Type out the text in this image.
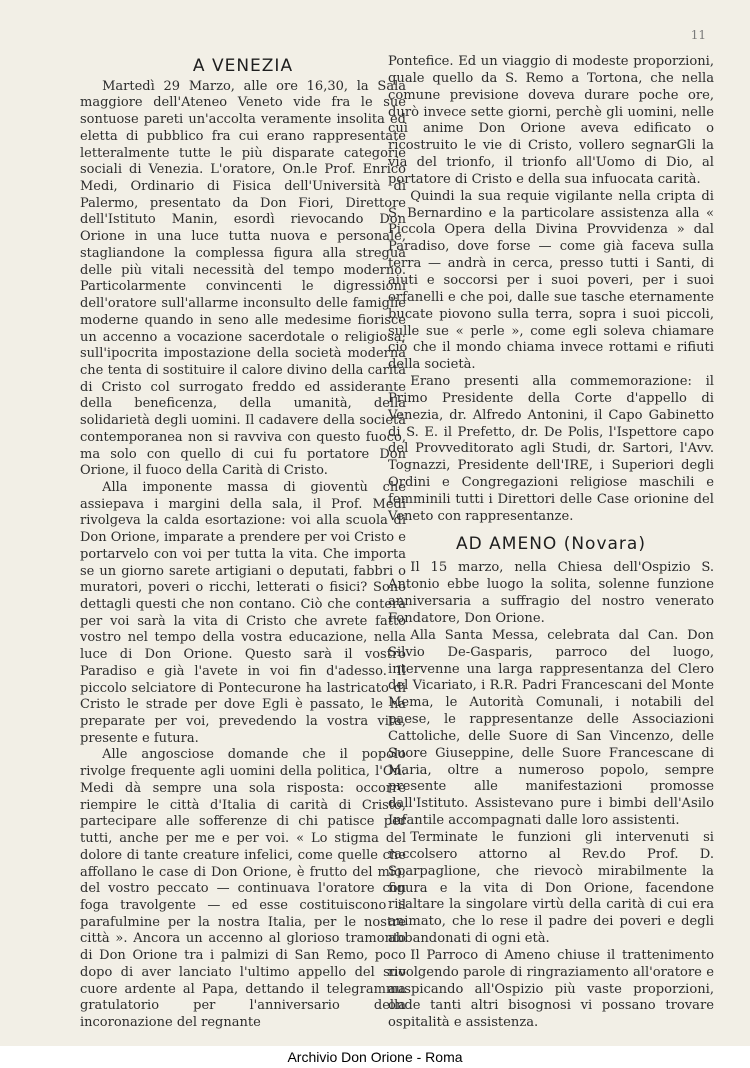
11
A VENEZIA

Martedì 29 Marzo, alle ore 16,30, la Sala maggiore dell'Ateneo Veneto vide fra le sue sontuose pareti un'accolta veramente insolita ed eletta di pubblico fra cui erano rappresentate letteralmente tutte le più disparate categorie sociali di Venezia. L'oratore, On.le Prof. Enrico Medi, Ordinario di Fisica dell'Università di Palermo, presentato da Don Fiori, Direttore dell'Istituto Manin, esordì rievocando Don Orione in una luce tutta nuova e personale, stagliandone la complessa figura alla stregua delle più vitali necessità del tempo moderno. Particolarmente convincenti le digressioni dell'oratore sull'allarme inconsulto delle famiglie moderne quando in seno alle medesime fiorisce un accenno a vocazione sacerdotale o religiosa; sull'ipocrita impostazione della società moderna che tenta di sostituire il calore divino della carità di Cristo col surrogato freddo ed assiderante della beneficenza, della umanità, della solidarietà degli uomini. Il cadavere della società contemporanea non si ravviva con questo fuoco, ma solo con quello di cui fu portatore Don Orione, il fuoco della Carità di Cristo.

Alla imponente massa di gioventù che assiepava i margini della sala, il Prof. Medi rivolgeva la calda esortazione: voi alla scuola di Don Orione, imparate a prendere per voi Cristo e portarvelo con voi per tutta la vita. Che importa se un giorno sarete artigiani o deputati, fabbri o muratori, poveri o ricchi, letterati o fisici? Sono dettagli questi che non contano. Ciò che conterà per voi sarà la vita di Cristo che avrete fatto vostro nel tempo della vostra educazione, nella luce di Don Orione. Questo sarà il vostro Paradiso e già l'avete in voi fin d'adesso. Il piccolo selciatore di Pontecurone ha lastricato di Cristo le strade per dove Egli è passato, le ha preparate per voi, prevedendo la vostra vita, presente e futura.

Alle angosciose domande che il popolo rivolge frequente agli uomini della politica, l'On. Medi dà sempre una sola risposta: occorre riempire le città d'Italia di carità di Cristo, partecipare alle sofferenze di chi patisce per tutti, anche per me e per voi. « Lo stigma del dolore di tante creature infelici, come quelle che affollano le case di Don Orione, è frutto del mio, del vostro peccato — continuava l'oratore con foga travolgente — ed esse costituiscono il parafulmine per la nostra Italia, per le nostre città ». Ancora un accenno al glorioso tramonto di Don Orione tra i palmizi di San Remo, poco dopo di aver lanciato l'ultimo appello del suo cuore ardente al Papa, dettando il telegramma gratulatorio per l'anniversario della incoronazione del regnante

Pontefice. Ed un viaggio di modeste proporzioni, quale quello da S. Remo a Tortona, che nella comune previsione doveva durare poche ore, durò invece sette giorni, perchè gli uomini, nelle cui anime Don Orione aveva edificato o ricostruito le vie di Cristo, vollero segnarGli la via del trionfo, il trionfo all'Uomo di Dio, al portatore di Cristo e della sua infuocata carità.

Quindi la sua requie vigilante nella cripta di S. Bernardino e la particolare assistenza alla « Piccola Opera della Divina Provvidenza » dal Paradiso, dove forse — come già faceva sulla terra — andrà in cerca, presso tutti i Santi, di aiuti e soccorsi per i suoi poveri, per i suoi orfanelli e che poi, dalle sue tasche eternamente bucate piovono sulla terra, sopra i suoi piccoli, sulle sue « perle », come egli soleva chiamare ciò che il mondo chiama invece rottami e rifiuti della società.

Erano presenti alla commemorazione: il Primo Presidente della Corte d'appello di Venezia, dr. Alfredo Antonini, il Capo Gabinetto di S. E. il Prefetto, dr. De Polis, l'Ispettore capo del Provveditorato agli Studi, dr. Sartori, l'Avv. Tognazzi, Presidente dell'IRE, i Superiori degli Ordini e Congregazioni religiose maschili e femminili tutti i Direttori delle Case orionine del Veneto con rappresentanze.

AD AMENO (Novara)

Il 15 marzo, nella Chiesa dell'Ospizio S. Antonio ebbe luogo la solita, solenne funzione anniversaria a suffragio del nostro venerato Fondatore, Don Orione.

Alla Santa Messa, celebrata dal Can. Don Silvio De-Gasparis, parroco del luogo, intervenne una larga rappresentanza del Clero del Vicariato, i R.R. Padri Francescani del Monte Mema, le Autorità Comunali, i notabili del paese, le rappresentanze delle Associazioni Cattoliche, delle Suore di San Vincenzo, delle Suore Giuseppine, delle Suore Francescane di Maria, oltre a numeroso popolo, sempre presente alle manifestazioni promosse dall'Istituto. Assistevano pure i bimbi dell'Asilo Infantile accompagnati dalle loro assistenti.

Terminate le funzioni gli intervenuti si raccolsero attorno al Rev.do Prof. D. Sparpaglione, che rievocò mirabilmente la figura e la vita di Don Orione, facendone risaltare la singolare virtù della carità di cui era animato, che lo rese il padre dei poveri e degli abbandonati di ogni età.

Il Parroco di Ameno chiuse il trattenimento rivolgendo parole di ringraziamento all'oratore e auspicando all'Ospizio più vaste proporzioni, onde tanti altri bisognosi vi possano trovare ospitalità e assistenza.

Archivio Don Orione - Roma
